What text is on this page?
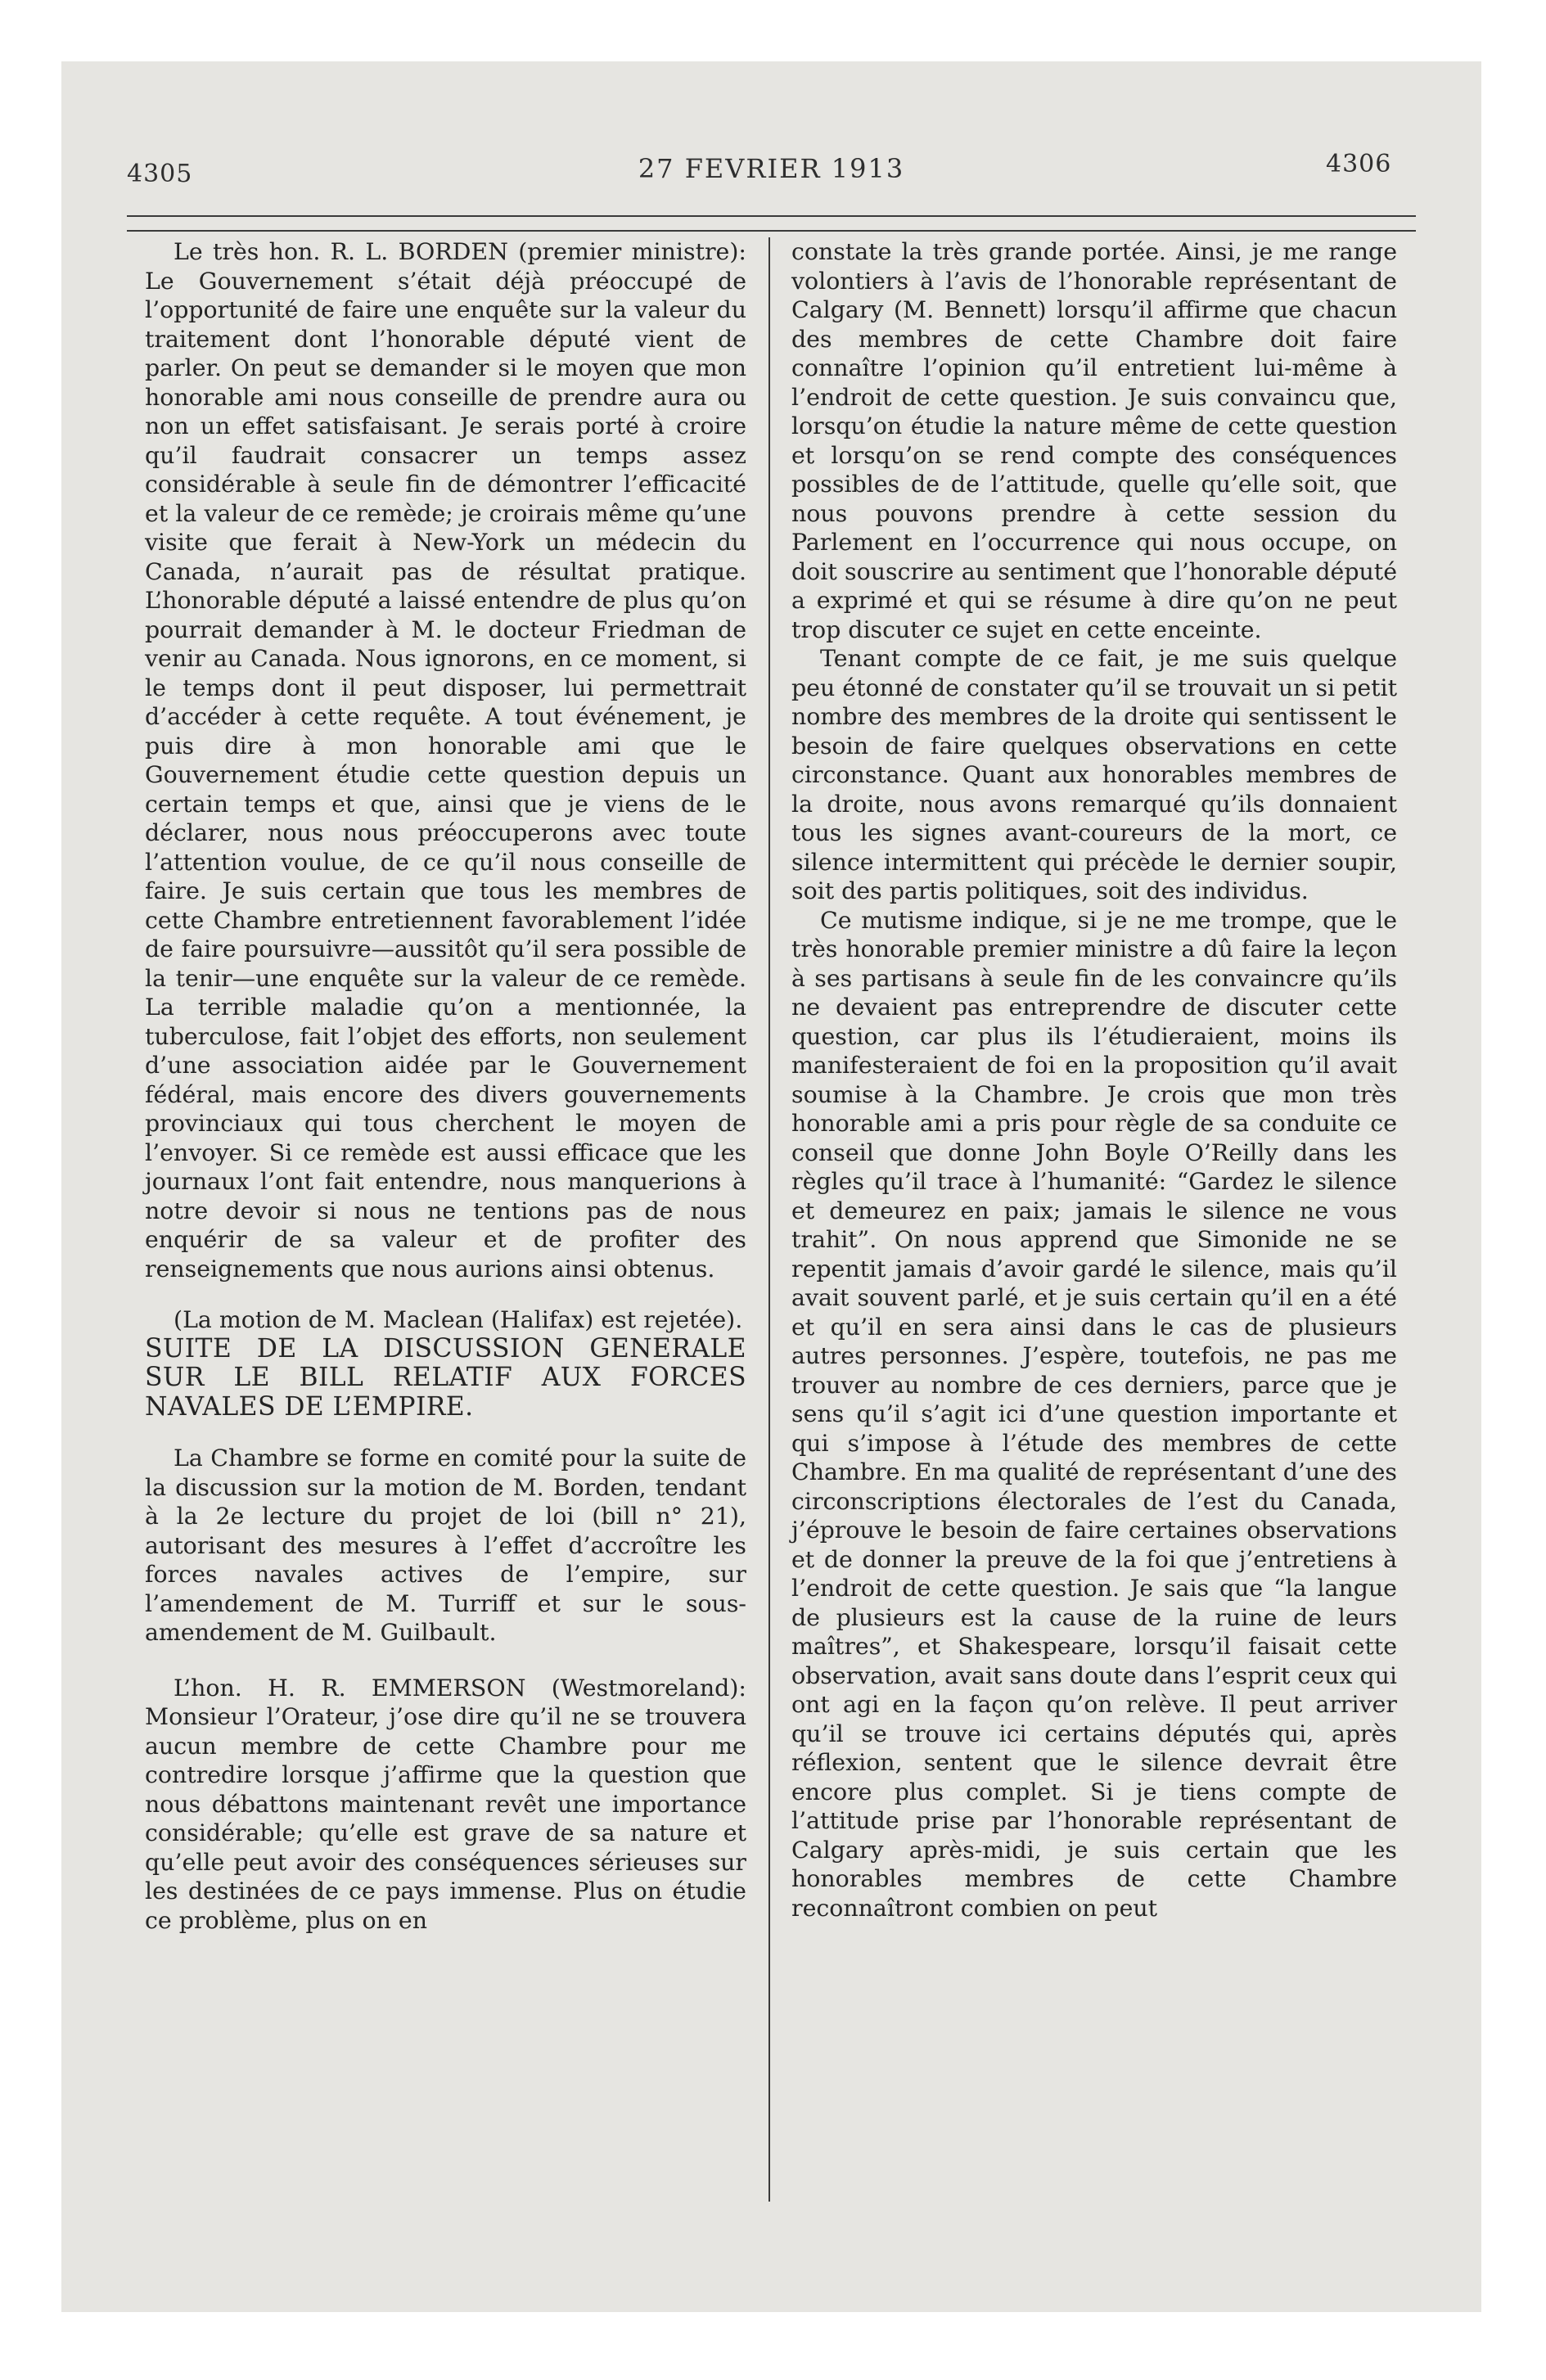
4305	27 FEVRIER 1913	4306

Le très hon. R. L. BORDEN (premier ministre): Le Gouvernement s’était déjà préoccupé de l’opportunité de faire une enquête sur la valeur du traitement dont l’honorable député vient de parler. On peut se demander si le moyen que mon honorable ami nous conseille de prendre aura ou non un effet satisfaisant. Je serais porté à croire qu’il faudrait consacrer un temps assez considérable à seule fin de démontrer l’efficacité et la valeur de ce remède; je croirais même qu’une visite que ferait à New-York un médecin du Canada, n’aurait pas de résultat pratique. L’honorable député a laissé entendre de plus qu’on pourrait demander à M. le docteur Friedman de venir au Canada. Nous ignorons, en ce moment, si le temps dont il peut disposer, lui permettrait d’accéder à cette requête. A tout événement, je puis dire à mon honorable ami que le Gouvernement étudie cette question depuis un certain temps et que, ainsi que je viens de le déclarer, nous nous préoccuperons avec toute l’attention voulue, de ce qu’il nous conseille de faire. Je suis certain que tous les membres de cette Chambre entretiennent favorablement l’idée de faire poursuivre—aussitôt qu’il sera possible de la tenir—une enquête sur la valeur de ce remède. La terrible maladie qu’on a mentionnée, la tuberculose, fait l’objet des efforts, non seulement d’une association aidée par le Gouvernement fédéral, mais encore des divers gouvernements provinciaux qui tous cherchent le moyen de l’envoyer. Si ce remède est aussi efficace que les journaux l’ont fait entendre, nous manquerions à notre devoir si nous ne tentions pas de nous enquérir de sa valeur et de profiter des renseignements que nous aurions ainsi obtenus.

(La motion de M. Maclean (Halifax) est rejetée).

SUITE DE LA DISCUSSION GENERALE SUR LE BILL RELATIF AUX FORCES NAVALES DE L’EMPIRE.

La Chambre se forme en comité pour la suite de la discussion sur la motion de M. Borden, tendant à la 2e lecture du projet de loi (bill n° 21), autorisant des mesures à l’effet d’accroître les forces navales actives de l’empire, sur l’amendement de M. Turriff et sur le sous-amendement de M. Guilbault.

L’hon. H. R. EMMERSON (Westmoreland): Monsieur l’Orateur, j’ose dire qu’il ne se trouvera aucun membre de cette Chambre pour me contredire lorsque j’affirme que la question que nous débattons maintenant revêt une importance considérable; qu’elle est grave de sa nature et qu’elle peut avoir des conséquences sérieuses sur les destinées de ce pays immense. Plus on étudie ce problème, plus on en

constate la très grande portée. Ainsi, je me range volontiers à l’avis de l’honorable représentant de Calgary (M. Bennett) lorsqu’il affirme que chacun des membres de cette Chambre doit faire connaître l’opinion qu’il entretient lui-même à l’endroit de cette question. Je suis convaincu que, lorsqu’on étudie la nature même de cette question et lorsqu’on se rend compte des conséquences possibles de de l’attitude, quelle qu’elle soit, que nous pouvons prendre à cette session du Parlement en l’occurrence qui nous occupe, on doit souscrire au sentiment que l’honorable député a exprimé et qui se résume à dire qu’on ne peut trop discuter ce sujet en cette enceinte.

Tenant compte de ce fait, je me suis quelque peu étonné de constater qu’il se trouvait un si petit nombre des membres de la droite qui sentissent le besoin de faire quelques observations en cette circonstance. Quant aux honorables membres de la droite, nous avons remarqué qu’ils donnaient tous les signes avant-coureurs de la mort, ce silence intermittent qui précède le dernier soupir, soit des partis politiques, soit des individus.

Ce mutisme indique, si je ne me trompe, que le très honorable premier ministre a dû faire la leçon à ses partisans à seule fin de les convaincre qu’ils ne devaient pas entreprendre de discuter cette question, car plus ils l’étudieraient, moins ils manifesteraient de foi en la proposition qu’il avait soumise à la Chambre. Je crois que mon très honorable ami a pris pour règle de sa conduite ce conseil que donne John Boyle O’Reilly dans les règles qu’il trace à l’humanité: “Gardez le silence et demeurez en paix; jamais le silence ne vous trahit”. On nous apprend que Simonide ne se repentit jamais d’avoir gardé le silence, mais qu’il avait souvent parlé, et je suis certain qu’il en a été et qu’il en sera ainsi dans le cas de plusieurs autres personnes. J’espère, toutefois, ne pas me trouver au nombre de ces derniers, parce que je sens qu’il s’agit ici d’une question importante et qui s’impose à l’étude des membres de cette Chambre. En ma qualité de représentant d’une des circonscriptions électorales de l’est du Canada, j’éprouve le besoin de faire certaines observations et de donner la preuve de la foi que j’entretiens à l’endroit de cette question. Je sais que “la langue de plusieurs est la cause de la ruine de leurs maîtres”, et Shakespeare, lorsqu’il faisait cette observation, avait sans doute dans l’esprit ceux qui ont agi en la façon qu’on relève. Il peut arriver qu’il se trouve ici certains députés qui, après réflexion, sentent que le silence devrait être encore plus complet. Si je tiens compte de l’attitude prise par l’honorable représentant de Calgary après-midi, je suis certain que les honorables membres de cette Chambre reconnaîtront combien on peut
